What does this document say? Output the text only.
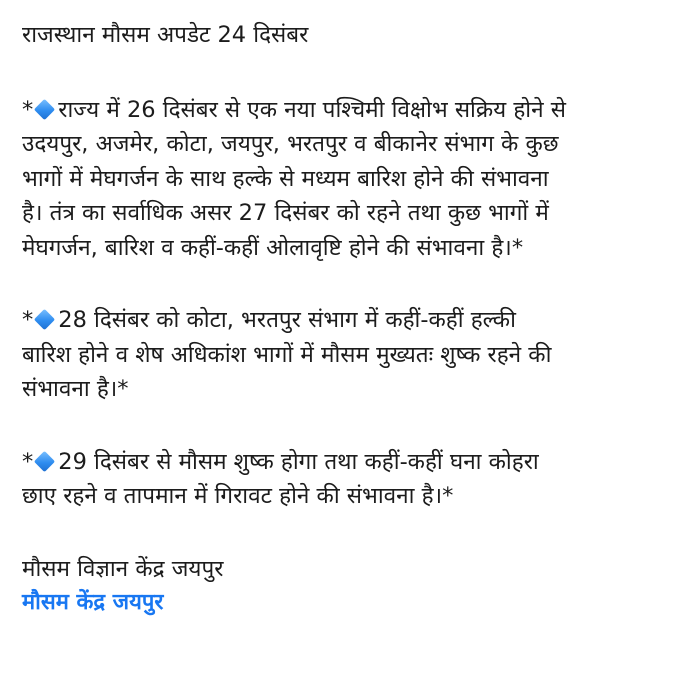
राजस्थान मौसम अपडेट 24 दिसंबर
* राज्य में 26 दिसंबर से एक नया पश्चिमी विक्षोभ सक्रिय होने से
उदयपुर, अजमेर, कोटा, जयपुर, भरतपुर व बीकानेर संभाग के कुछ
भागों में मेघगर्जन के साथ हल्के से मध्यम बारिश होने की संभावना
है। तंत्र का सर्वाधिक असर 27 दिसंबर को रहने तथा कुछ भागों में
मेघगर्जन, बारिश व कहीं-कहीं ओलावृष्टि होने की संभावना है।*
* 28 दिसंबर को कोटा, भरतपुर संभाग में कहीं-कहीं हल्की
बारिश होने व शेष अधिकांश भागों में मौसम मुख्यतः शुष्क रहने की
संभावना है।*
* 29 दिसंबर से मौसम शुष्क होगा तथा कहीं-कहीं घना कोहरा
छाए रहने व तापमान में गिरावट होने की संभावना है।*
मौसम विज्ञान केंद्र जयपुर
मौसम केंद्र जयपुर
